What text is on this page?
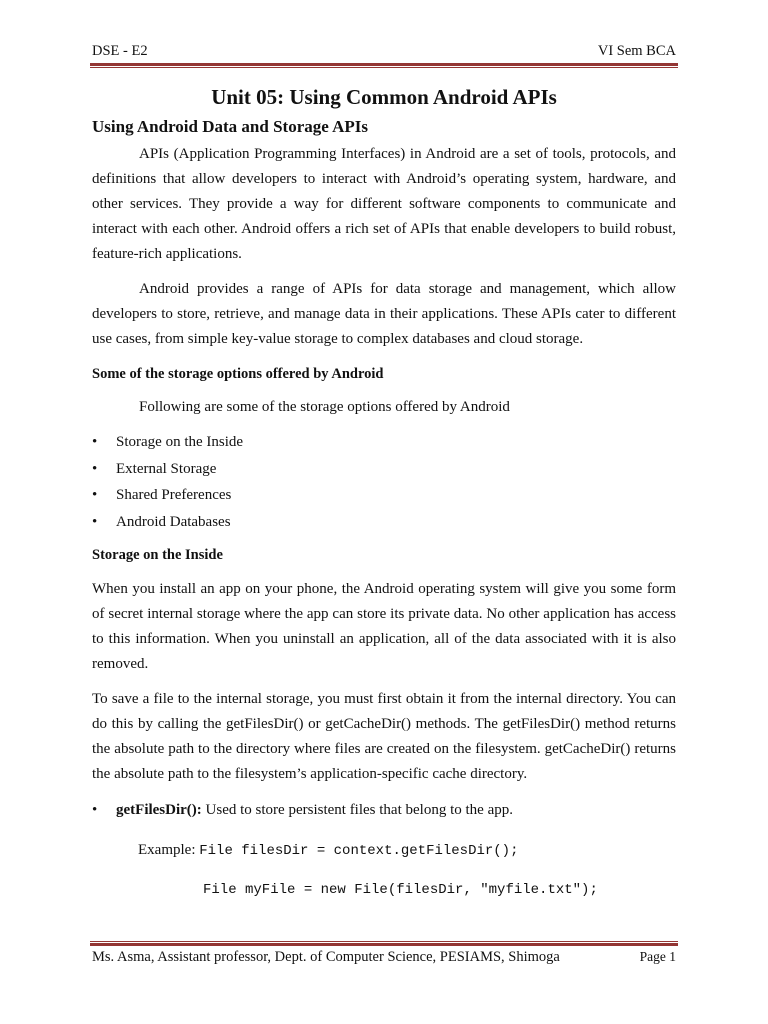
DSE - E2	VI Sem BCA
Unit 05: Using Common Android APIs
Using Android Data and Storage APIs

APIs (Application Programming Interfaces) in Android are a set of tools, protocols, and definitions that allow developers to interact with Android’s operating system, hardware, and other services. They provide a way for different software components to communicate and interact with each other. Android offers a rich set of APIs that enable developers to build robust, feature-rich applications.

Android provides a range of APIs for data storage and management, which allow developers to store, retrieve, and manage data in their applications. These APIs cater to different use cases, from simple key-value storage to complex databases and cloud storage.

Some of the storage options offered by Android
Following are some of the storage options offered by Android
• Storage on the Inside
• External Storage
• Shared Preferences
• Android Databases
Storage on the Inside

When you install an app on your phone, the Android operating system will give you some form of secret internal storage where the app can store its private data. No other application has access to this information. When you uninstall an application, all of the data associated with it is also removed.

To save a file to the internal storage, you must first obtain it from the internal directory. You can do this by calling the getFilesDir() or getCacheDir() methods. The getFilesDir() method returns the absolute path to the directory where files are created on the filesystem. getCacheDir() returns the absolute path to the filesystem’s application-specific cache directory.

• getFilesDir(): Used to store persistent files that belong to the app.
Example: File filesDir = context.getFilesDir();
File myFile = new File(filesDir, "myfile.txt");
Ms. Asma, Assistant professor, Dept. of Computer Science, PESIAMS, Shimoga	Page 1
